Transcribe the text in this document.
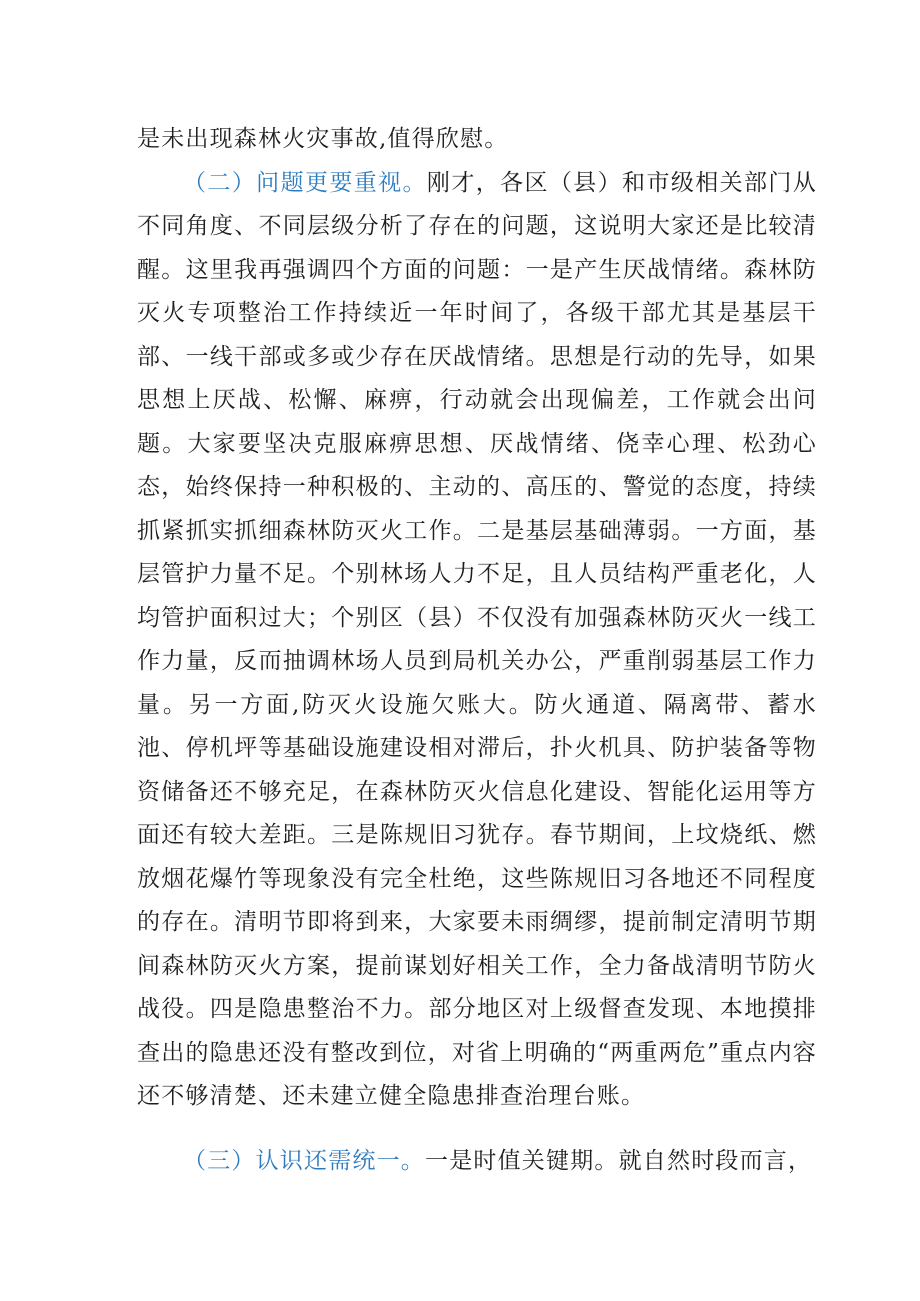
是未出现森林火灾事故,值得欣慰。

（二）问题更要重视。刚才，各区（县）和市级相关部门从不同角度、不同层级分析了存在的问题，这说明大家还是比较清醒。这里我再强调四个方面的问题：一是产生厌战情绪。森林防灭火专项整治工作持续近一年时间了，各级干部尤其是基层干部、一线干部或多或少存在厌战情绪。思想是行动的先导，如果思想上厌战、松懈、麻痹，行动就会出现偏差，工作就会出问题。大家要坚决克服麻痹思想、厌战情绪、侥幸心理、松劲心态，始终保持一种积极的、主动的、高压的、警觉的态度，持续抓紧抓实抓细森林防灭火工作。二是基层基础薄弱。一方面，基层管护力量不足。个别林场人力不足，且人员结构严重老化，人均管护面积过大；个别区（县）不仅没有加强森林防灭火一线工作力量，反而抽调林场人员到局机关办公，严重削弱基层工作力量。另一方面,防灭火设施欠账大。防火通道、隔离带、蓄水池、停机坪等基础设施建设相对滞后，扑火机具、防护装备等物资储备还不够充足，在森林防灭火信息化建设、智能化运用等方面还有较大差距。三是陈规旧习犹存。春节期间，上坟烧纸、燃放烟花爆竹等现象没有完全杜绝，这些陈规旧习各地还不同程度的存在。清明节即将到来，大家要未雨绸缪，提前制定清明节期间森林防灭火方案，提前谋划好相关工作，全力备战清明节防火战役。四是隐患整治不力。部分地区对上级督查发现、本地摸排查出的隐患还没有整改到位，对省上明确的“两重两危”重点内容还不够清楚、还未建立健全隐患排查治理台账。

（三）认识还需统一。一是时值关键期。就自然时段而言，
